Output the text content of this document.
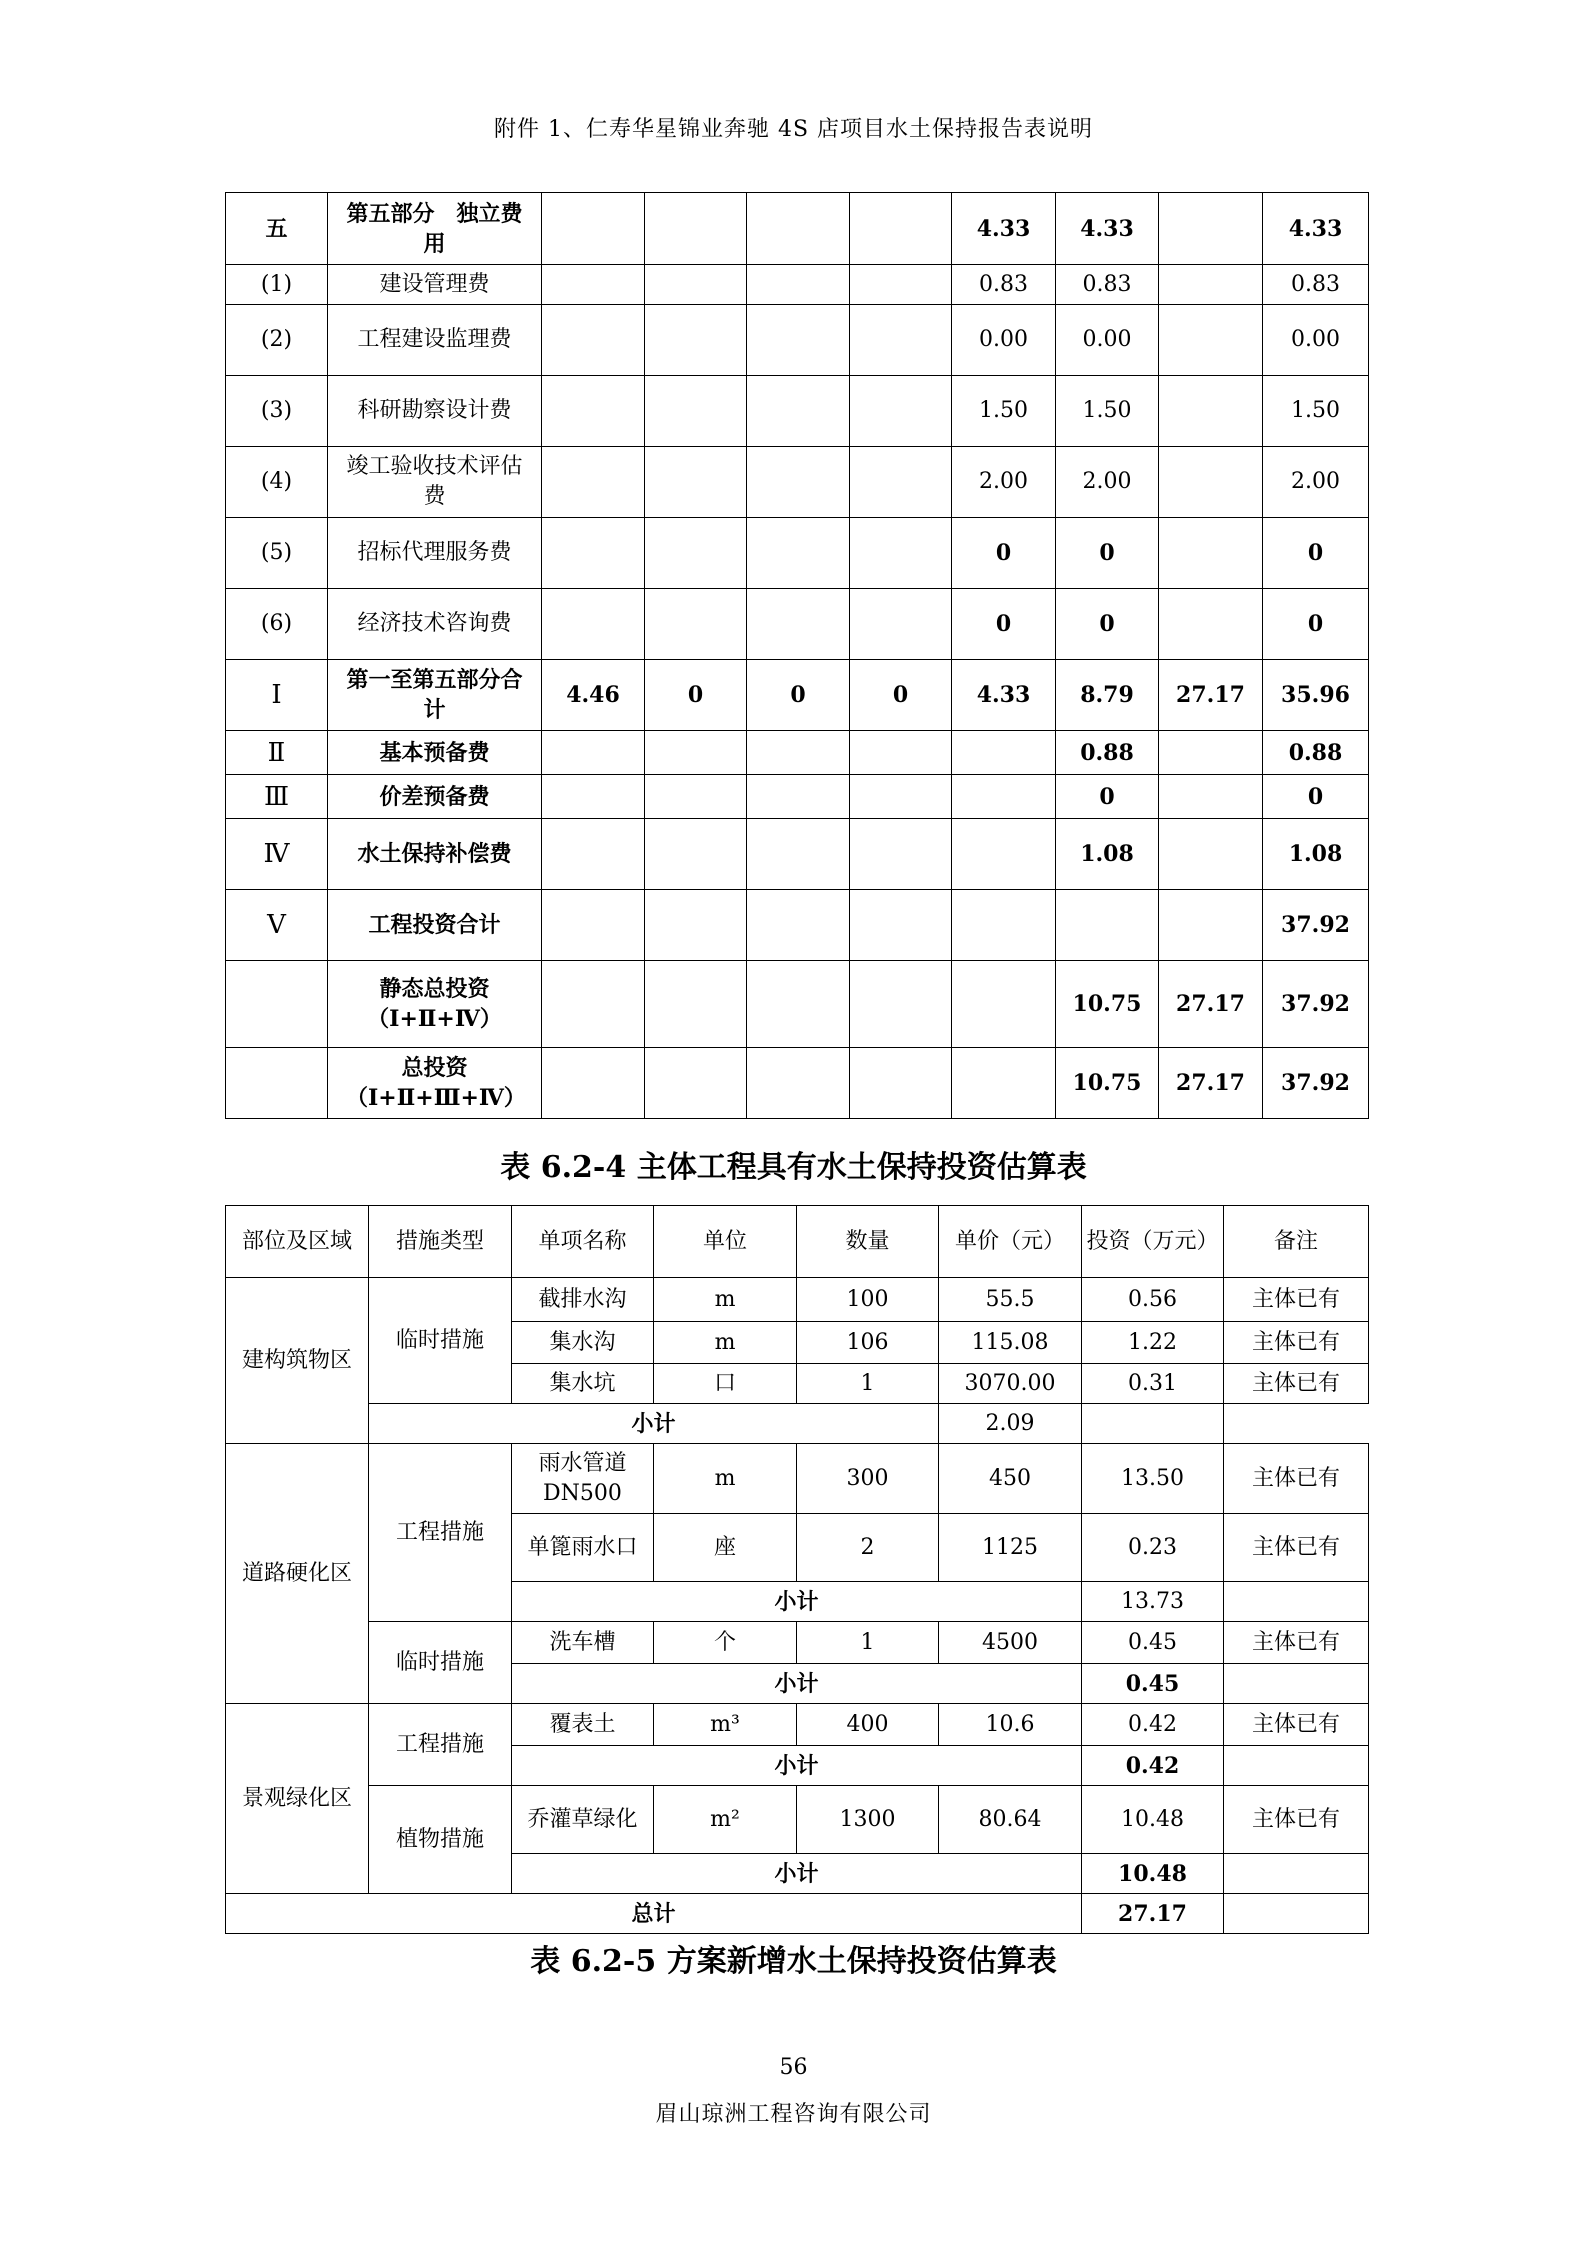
附件 1、仁寿华星锦业奔驰 4S 店项目水土保持报告表说明
五	第五部分　独立费用					4.33	4.33		4.33
(1)	建设管理费					0.83	0.83		0.83
(2)	工程建设监理费					0.00	0.00		0.00
(3)	科研勘察设计费					1.50	1.50		1.50
(4)	竣工验收技术评估费					2.00	2.00		2.00
(5)	招标代理服务费					0	0		0
(6)	经济技术咨询费					0	0		0
Ⅰ	第一至第五部分合计	4.46	0	0	0	4.33	8.79	27.17	35.96
Ⅱ	基本预备费						0.88		0.88
Ⅲ	价差预备费						0		0
Ⅳ	水土保持补偿费						1.08		1.08
Ⅴ	工程投资合计								37.92
	静态总投资（Ⅰ+Ⅱ+Ⅳ）						10.75	27.17	37.92
	总投资（Ⅰ+Ⅱ+Ⅲ+Ⅳ）						10.75	27.17	37.92
表 6.2-4 主体工程具有水土保持投资估算表
部位及区域	措施类型	单项名称	单位	数量	单价（元）	投资（万元）	备注
建构筑物区	临时措施	截排水沟	m	100	55.5	0.56	主体已有
		集水沟	m	106	115.08	1.22	主体已有
		集水坑	口	1	3070.00	0.31	主体已有
	小计				2.09		
道路硬化区	工程措施	雨水管道DN500	m	300	450	13.50	主体已有
		单篦雨水口	座	2	1125	0.23	主体已有
		小计				13.73	
	临时措施	洗车槽	个	1	4500	0.45	主体已有
		小计				0.45	
景观绿化区	工程措施	覆表土	m³	400	10.6	0.42	主体已有
		小计				0.42	
	植物措施	乔灌草绿化	m²	1300	80.64	10.48	主体已有
		小计				10.48	
总计						27.17	
表 6.2-5 方案新增水土保持投资估算表
56
眉山琼洲工程咨询有限公司
